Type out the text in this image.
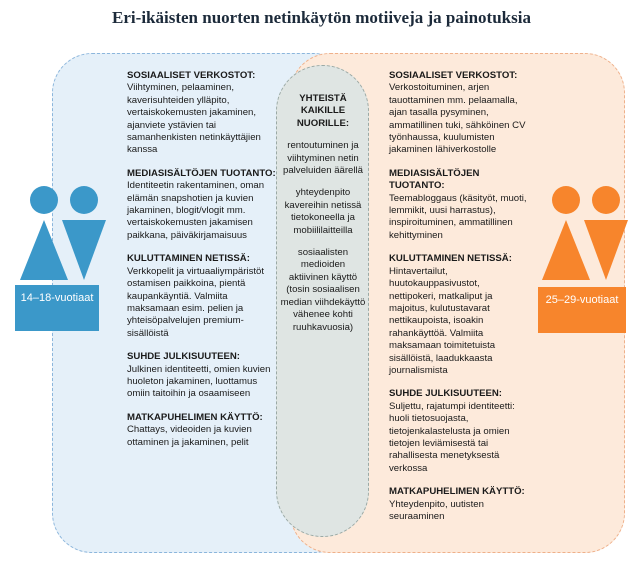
Eri-ikäisten nuorten netinkäytön motiiveja ja painotuksia
14–18-vuotiaat	25–29-vuotiaat
SOSIAALISET VERKOSTOT:
Viihtyminen, pelaaminen, kaverisuhteiden ylläpito, vertaiskokemusten jakaminen, ajanviete ystävien tai samanhenkisten netinkäyttäjien kanssa
MEDIASISÄLTÖJEN TUOTANTO:
Identiteetin rakentaminen, oman elämän snapshotien ja kuvien jakaminen, blogit/vlogit mm. vertaiskokemusten jakamisen paikkana, päiväkirjamaisuus
KULUTTAMINEN NETISSÄ:
Verkkopelit ja virtuaaliympäristöt ostamisen paikkoina, pientä kaupankäyntiä. Valmiita maksamaan esim. pelien ja yhteisöpalvelujen premium-sisällöistä
SUHDE JULKISUUTEEN:
Julkinen identiteetti, omien kuvien huoleton jakaminen, luottamus omiin taitoihin ja osaamiseen
MATKAPUHELIMEN KÄYTTÖ:
Chattays, videoiden ja kuvien ottaminen ja jakaminen, pelit
YHTEISTÄ KAIKILLE NUORILLE:
rentoutuminen ja viihtyminen netin palveluiden äärellä
yhteydenpito kavereihin netissä tietokoneella ja mobiililaitteilla
sosiaalisten medioiden aktiivinen käyttö (tosin sosiaalisen median viihdekäyttö vähenee kohti ruuhkavuosia)
SOSIAALISET VERKOSTOT:
Verkostoituminen, arjen tauottaminen mm. pelaamalla, ajan tasalla pysyminen, ammatillinen tuki, sähköinen CV työnhaussa, kuulumisten jakaminen lähiverkostolle
MEDIASISÄLTÖJEN TUOTANTO:
Teemabloggaus (käsityöt, muoti, lemmikit, uusi harrastus), inspiroituminen, ammatillinen kehittyminen
KULUTTAMINEN NETISSÄ:
Hintavertailut, huutokauppasivustot, nettipokeri, matkaliput ja majoitus, kulutustavarat nettikaupoista, isoakin rahankäyttöä. Valmiita maksamaan toimitetuista sisällöistä, laadukkaasta journalismista
SUHDE JULKISUUTEEN:
Suljettu, rajatumpi identiteetti: huoli tietosuojasta, tietojenkalastelusta ja omien tietojen leviämisestä tai rahallisesta menetyksestä verkossa
MATKAPUHELIMEN KÄYTTÖ:
Yhteydenpito, uutisten seuraaminen
